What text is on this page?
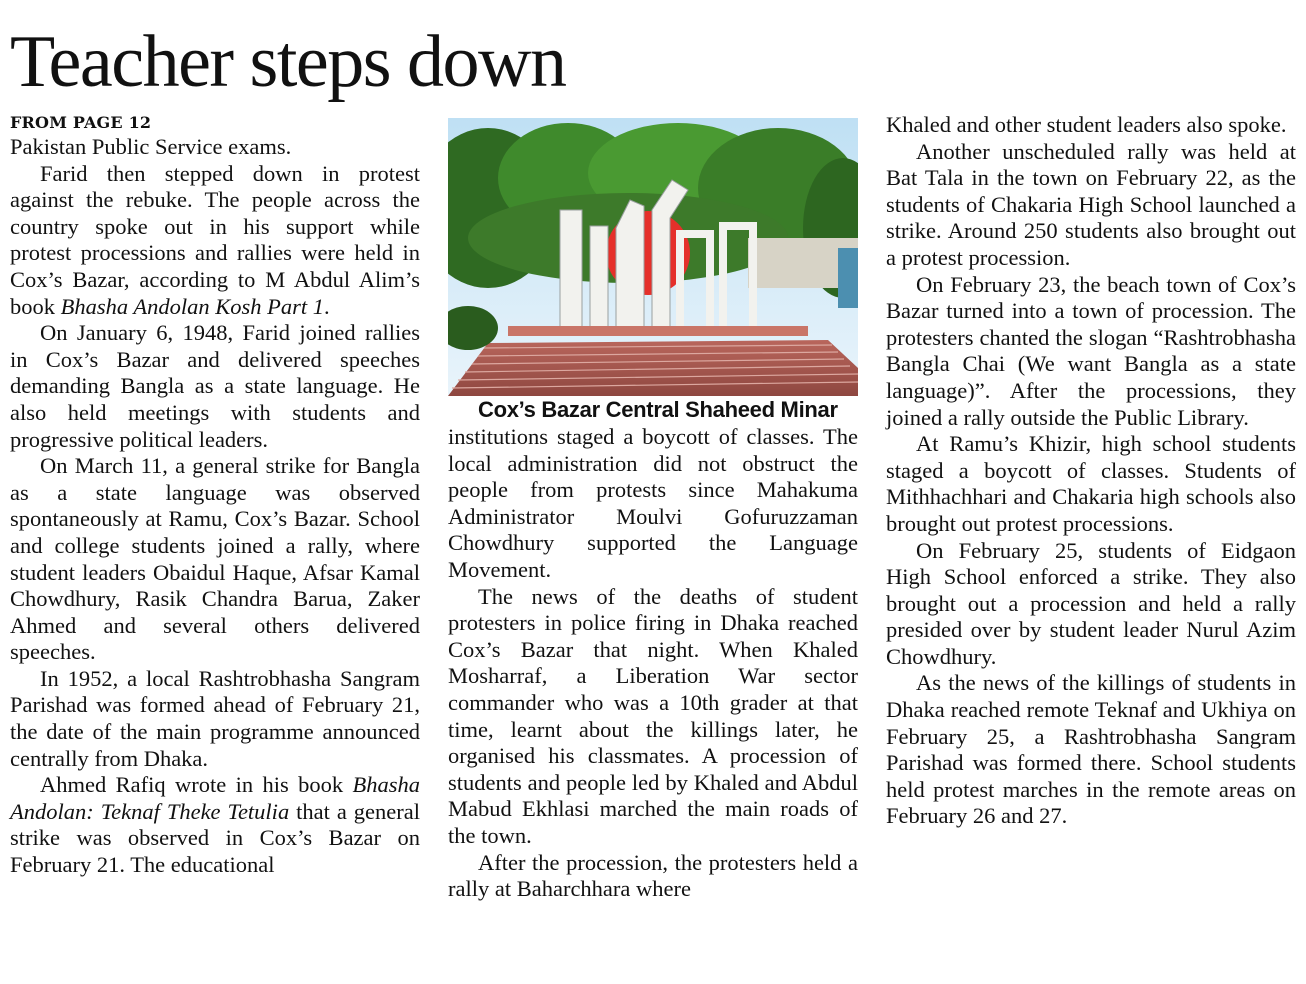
Teacher steps down

FROM PAGE 12

Pakistan Public Service exams.

Farid then stepped down in protest against the rebuke. The people across the country spoke out in his support while protest processions and rallies were held in Cox’s Bazar, according to M Abdul Alim’s book Bhasha Andolan Kosh Part 1.

On January 6, 1948, Farid joined rallies in Cox’s Bazar and delivered speeches demanding Bangla as a state language. He also held meetings with students and progressive political leaders.

On March 11, a general strike for Bangla as a state language was observed spontaneously at Ramu, Cox’s Bazar. School and college students joined a rally, where student leaders Obaidul Haque, Afsar Kamal Chowdhury, Rasik Chandra Barua, Zaker Ahmed and several others delivered speeches.

In 1952, a local Rashtrobhasha Sangram Parishad was formed ahead of February 21, the date of the main programme announced centrally from Dhaka.

Ahmed Rafiq wrote in his book Bhasha Andolan: Teknaf Theke Tetulia that a general strike was observed in Cox’s Bazar on February 21. The educational

Cox’s Bazar Central Shaheed Minar

institutions staged a boycott of classes. The local administration did not obstruct the people from protests since Mahakuma Administrator Moulvi Gofuruzzaman Chowdhury supported the Language Movement.

The news of the deaths of student protesters in police firing in Dhaka reached Cox’s Bazar that night. When Khaled Mosharraf, a Liberation War sector commander who was a 10th grader at that time, learnt about the killings later, he organised his classmates. A procession of students and people led by Khaled and Abdul Mabud Ekhlasi marched the main roads of the town.

After the procession, the protesters held a rally at Baharchhara where

Khaled and other student leaders also spoke.

Another unscheduled rally was held at Bat Tala in the town on February 22, as the students of Chakaria High School launched a strike. Around 250 students also brought out a protest procession.

On February 23, the beach town of Cox’s Bazar turned into a town of procession. The protesters chanted the slogan “Rashtrobhasha Bangla Chai (We want Bangla as a state language)”. After the processions, they joined a rally outside the Public Library.

At Ramu’s Khizir, high school students staged a boycott of classes. Students of Mithhachhari and Chakaria high schools also brought out protest processions.

On February 25, students of Eidgaon High School enforced a strike. They also brought out a procession and held a rally presided over by student leader Nurul Azim Chowdhury.

As the news of the killings of students in Dhaka reached remote Teknaf and Ukhiya on February 25, a Rashtrobhasha Sangram Parishad was formed there. School students held protest marches in the remote areas on February 26 and 27.
